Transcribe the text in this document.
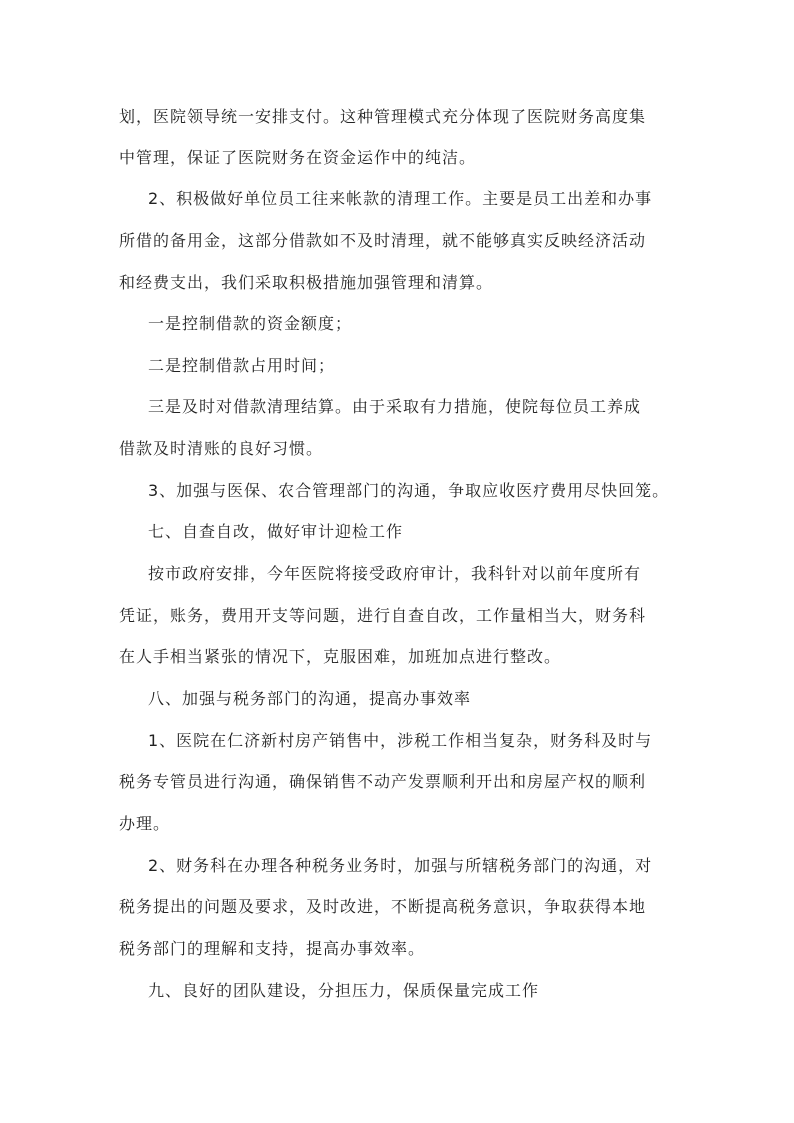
划，医院领导统一安排支付。这种管理模式充分体现了医院财务高度集
中管理，保证了医院财务在资金运作中的纯洁。
2、积极做好单位员工往来帐款的清理工作。主要是员工出差和办事
所借的备用金，这部分借款如不及时清理，就不能够真实反映经济活动
和经费支出，我们采取积极措施加强管理和清算。
一是控制借款的资金额度；
二是控制借款占用时间；
三是及时对借款清理结算。由于采取有力措施，使院每位员工养成
借款及时清账的良好习惯。
3、加强与医保、农合管理部门的沟通，争取应收医疗费用尽快回笼。
七、自查自改，做好审计迎检工作
按市政府安排，今年医院将接受政府审计，我科针对以前年度所有
凭证，账务，费用开支等问题，进行自查自改，工作量相当大，财务科
在人手相当紧张的情况下，克服困难，加班加点进行整改。
八、加强与税务部门的沟通，提高办事效率
1、医院在仁济新村房产销售中，涉税工作相当复杂，财务科及时与
税务专管员进行沟通，确保销售不动产发票顺利开出和房屋产权的顺利
办理。
2、财务科在办理各种税务业务时，加强与所辖税务部门的沟通，对
税务提出的问题及要求，及时改进，不断提高税务意识，争取获得本地
税务部门的理解和支持，提高办事效率。
九、良好的团队建设，分担压力，保质保量完成工作
